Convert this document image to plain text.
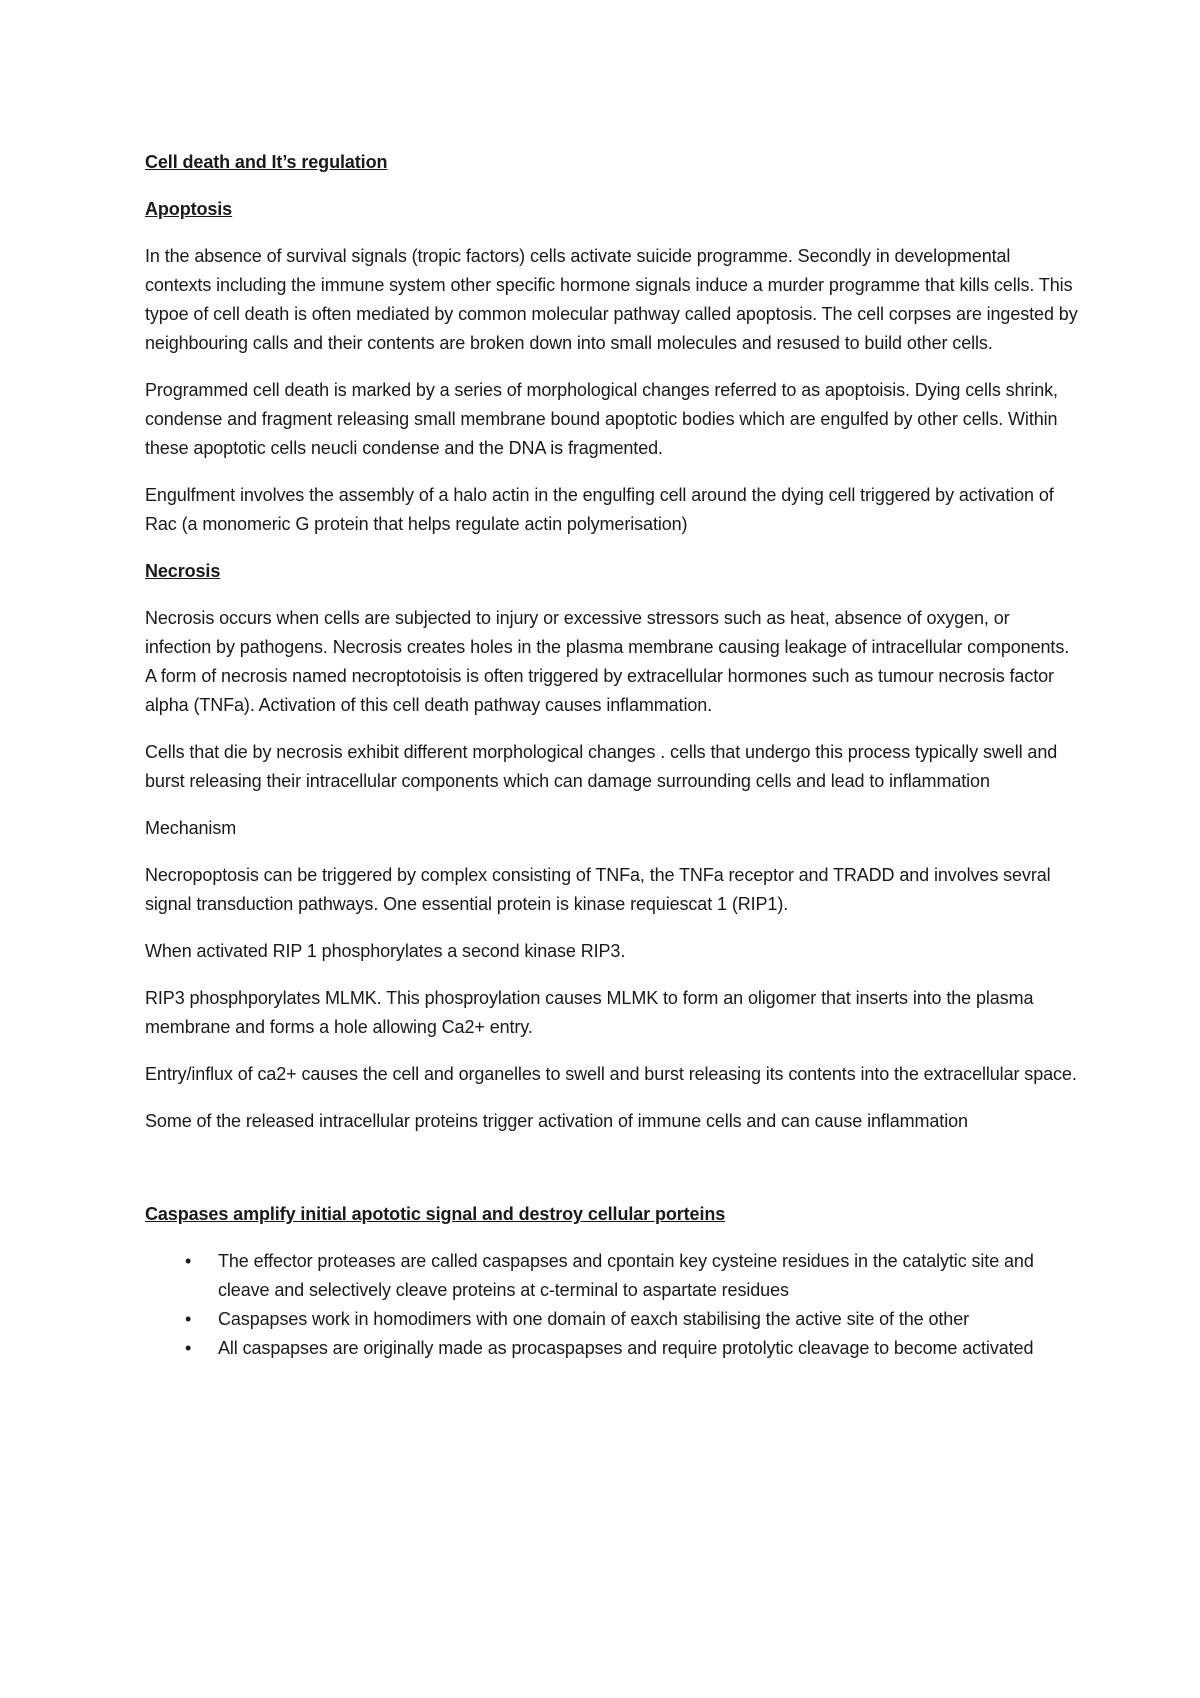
Cell death and It’s regulation
Apoptosis

In the absence of survival signals (tropic factors) cells activate suicide programme. Secondly in developmental contexts including the immune system other specific hormone signals induce a murder programme that kills cells. This typoe of cell death is often mediated by common molecular pathway called apoptosis. The cell corpses are ingested by neighbouring calls and their contents are broken down into small molecules and resused to build other cells.

Programmed cell death is marked by a series of morphological changes referred to as apoptoisis. Dying cells shrink, condense and fragment releasing small membrane bound apoptotic bodies which are engulfed by other cells. Within these apoptotic cells neucli condense and the DNA is fragmented.

Engulfment involves the assembly of a halo actin in the engulfing cell around the dying cell triggered by activation of Rac (a monomeric G protein that helps regulate actin polymerisation)

Necrosis

Necrosis occurs when cells are subjected to injury or excessive stressors such as heat, absence of oxygen, or infection by pathogens. Necrosis creates holes in the plasma membrane causing leakage of intracellular components. A form of necrosis named necroptotoisis is often triggered by extracellular hormones such as tumour necrosis factor alpha (TNFa). Activation of this cell death pathway causes inflammation.

Cells that die by necrosis exhibit different morphological changes . cells that undergo this process typically swell and burst releasing their intracellular components which can damage surrounding cells and lead to inflammation

Mechanism

Necropoptosis can be triggered by complex consisting of TNFa, the TNFa receptor and TRADD and involves sevral signal transduction pathways. One essential protein is kinase requiescat 1 (RIP1).

When activated RIP 1 phosphorylates a second kinase RIP3.

RIP3 phosphporylates MLMK. This phosproylation causes MLMK to form an oligomer that inserts into the plasma membrane and forms a hole allowing Ca2+ entry.

Entry/influx of ca2+ causes the cell and organelles to swell and burst releasing its contents into the extracellular space.

Some of the released intracellular proteins trigger activation of immune cells and can cause inflammation

Caspases amplify initial apototic signal and destroy cellular porteins
• The effector proteases are called caspapses and cpontain key cysteine residues in the catalytic site and cleave and selectively cleave proteins at c-terminal to aspartate residues
• Caspapses work in homodimers with one domain of eaxch stabilising the active site of the other
• All caspapses are originally made as procaspapses and require protolytic cleavage to become activated
